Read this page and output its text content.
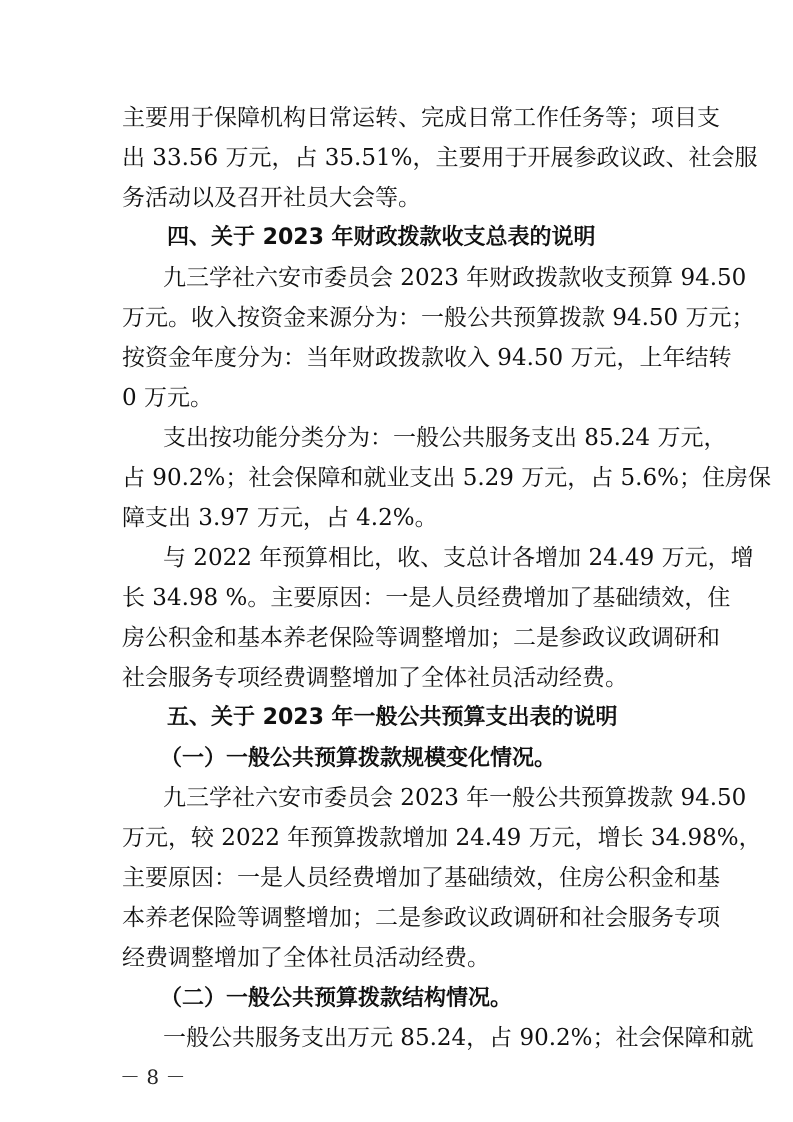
主要用于保障机构日常运转、完成日常工作任务等；项目支
出 33.56 万元，占 35.51%，主要用于开展参政议政、社会服
务活动以及召开社员大会等。
四、关于 2023 年财政拨款收支总表的说明
九三学社六安市委员会 2023 年财政拨款收支预算 94.50
万元。收入按资金来源分为：一般公共预算拨款 94.50 万元；
按资金年度分为：当年财政拨款收入 94.50 万元，上年结转
0 万元。
支出按功能分类分为：一般公共服务支出 85.24 万元，
占 90.2%；社会保障和就业支出 5.29 万元，占 5.6%；住房保
障支出 3.97 万元，占 4.2%。
与 2022 年预算相比，收、支总计各增加 24.49 万元，增
长 34.98 %。主要原因：一是人员经费增加了基础绩效，住
房公积金和基本养老保险等调整增加；二是参政议政调研和
社会服务专项经费调整增加了全体社员活动经费。
五、关于 2023 年一般公共预算支出表的说明
（一）一般公共预算拨款规模变化情况。
九三学社六安市委员会 2023 年一般公共预算拨款 94.50
万元，较 2022 年预算拨款增加 24.49 万元，增长 34.98%，
主要原因：一是人员经费增加了基础绩效，住房公积金和基
本养老保险等调整增加；二是参政议政调研和社会服务专项
经费调整增加了全体社员活动经费。
（二）一般公共预算拨款结构情况。
一般公共服务支出万元 85.24，占 90.2%；社会保障和就
－ 8 －
